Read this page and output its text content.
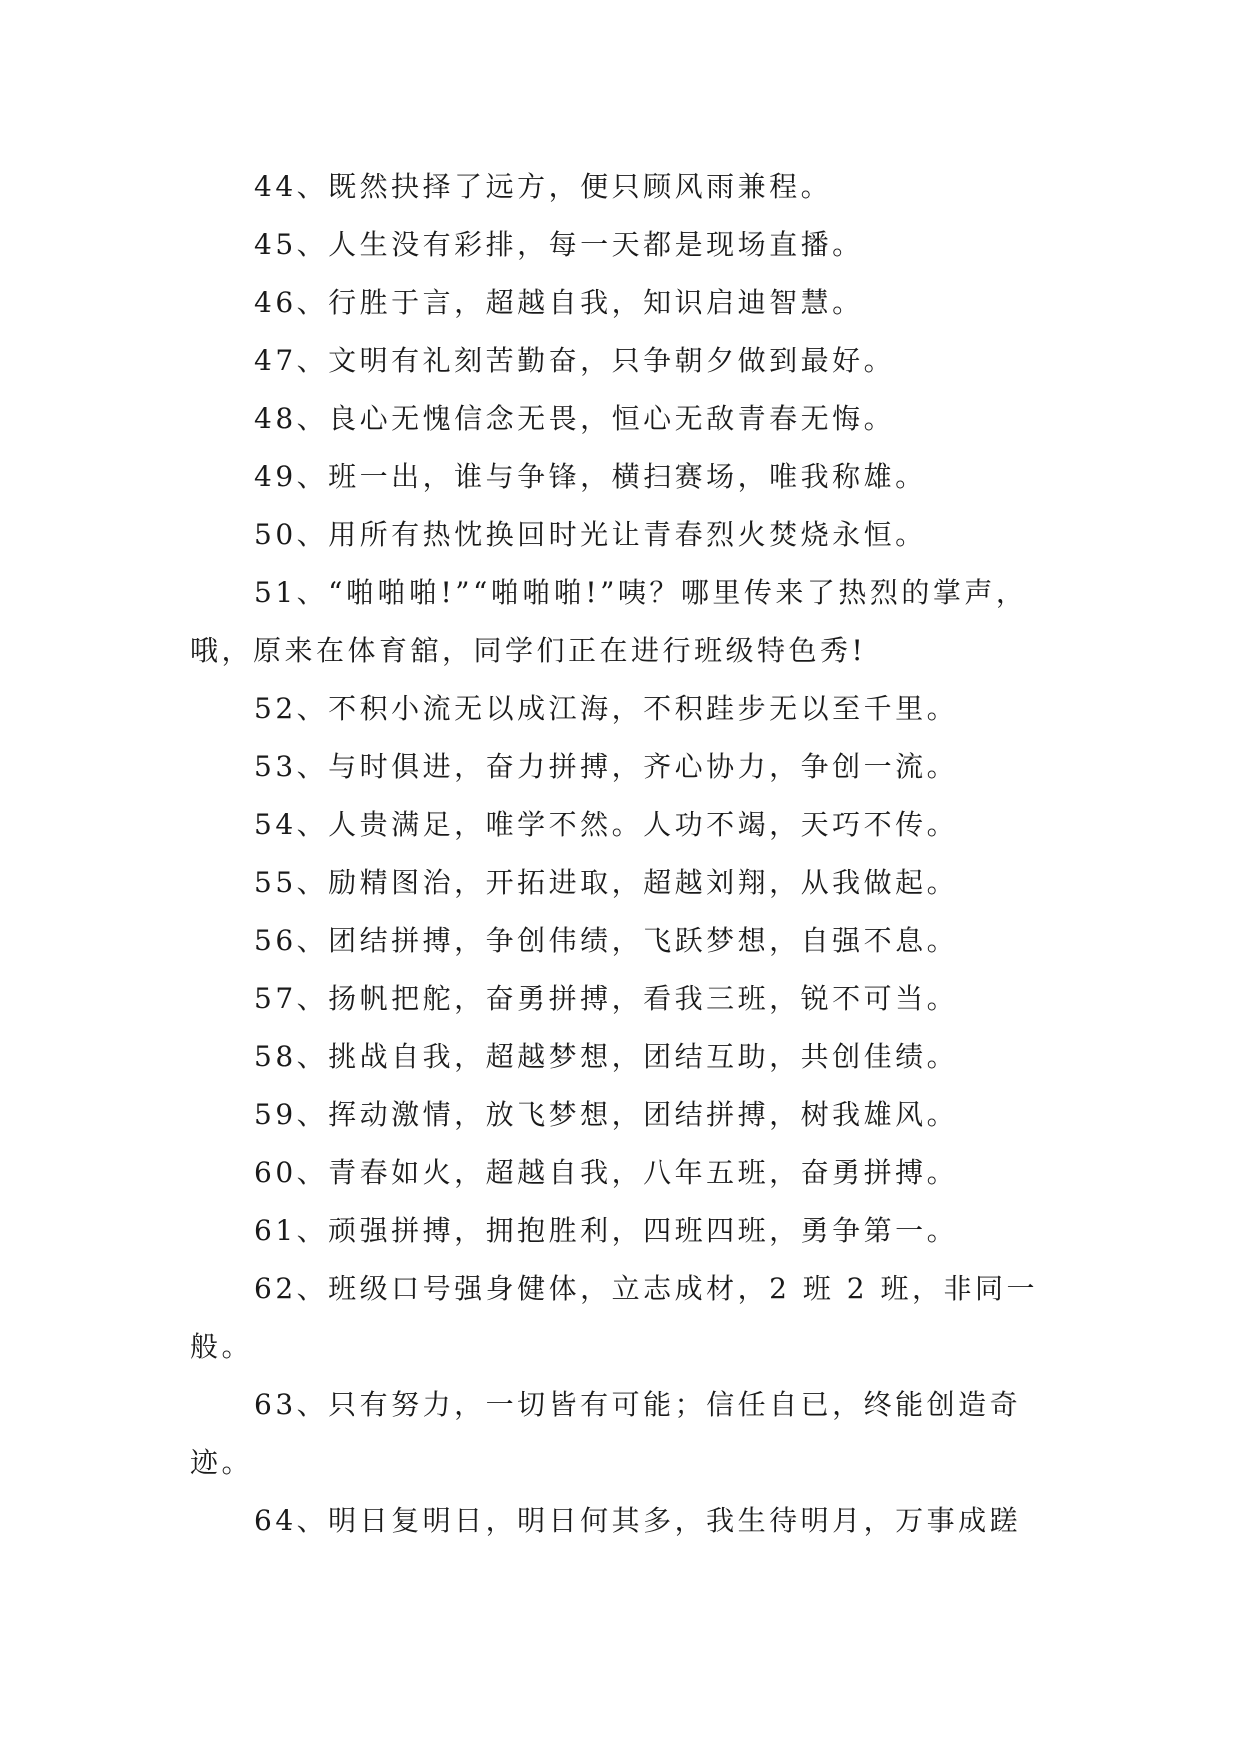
44、既然抉择了远方，便只顾风雨兼程。

45、人生没有彩排，每一天都是现场直播。

46、行胜于言，超越自我，知识启迪智慧。

47、文明有礼刻苦勤奋，只争朝夕做到最好。

48、良心无愧信念无畏，恒心无敌青春无悔。

49、班一出，谁与争锋，横扫赛场，唯我称雄。

50、用所有热忱换回时光让青春烈火焚烧永恒。

51、“啪啪啪!”“啪啪啪!”咦？哪里传来了热烈的掌声，哦，原来在体育舘，同学们正在进行班级特色秀!

52、不积小流无以成江海，不积跬步无以至千里。

53、与时俱进，奋力拼搏，齐心协力，争创一流。

54、人贵满足，唯学不然。人功不竭，天巧不传。

55、励精图治，开拓进取，超越刘翔，从我做起。

56、团结拼搏，争创伟绩，飞跃梦想，自强不息。

57、扬帆把舵，奋勇拼搏，看我三班，锐不可当。

58、挑战自我，超越梦想，团结互助，共创佳绩。

59、挥动激情，放飞梦想，团结拼搏，树我雄风。

60、青春如火，超越自我，八年五班，奋勇拼搏。

61、顽强拼搏，拥抱胜利，四班四班，勇争第一。

62、班级口号强身健体，立志成材，2 班 2 班，非同一般。

63、只有努力，一切皆有可能；信任自已，终能创造奇迹。

64、明日复明日，明日何其多，我生待明月，万事成蹉
